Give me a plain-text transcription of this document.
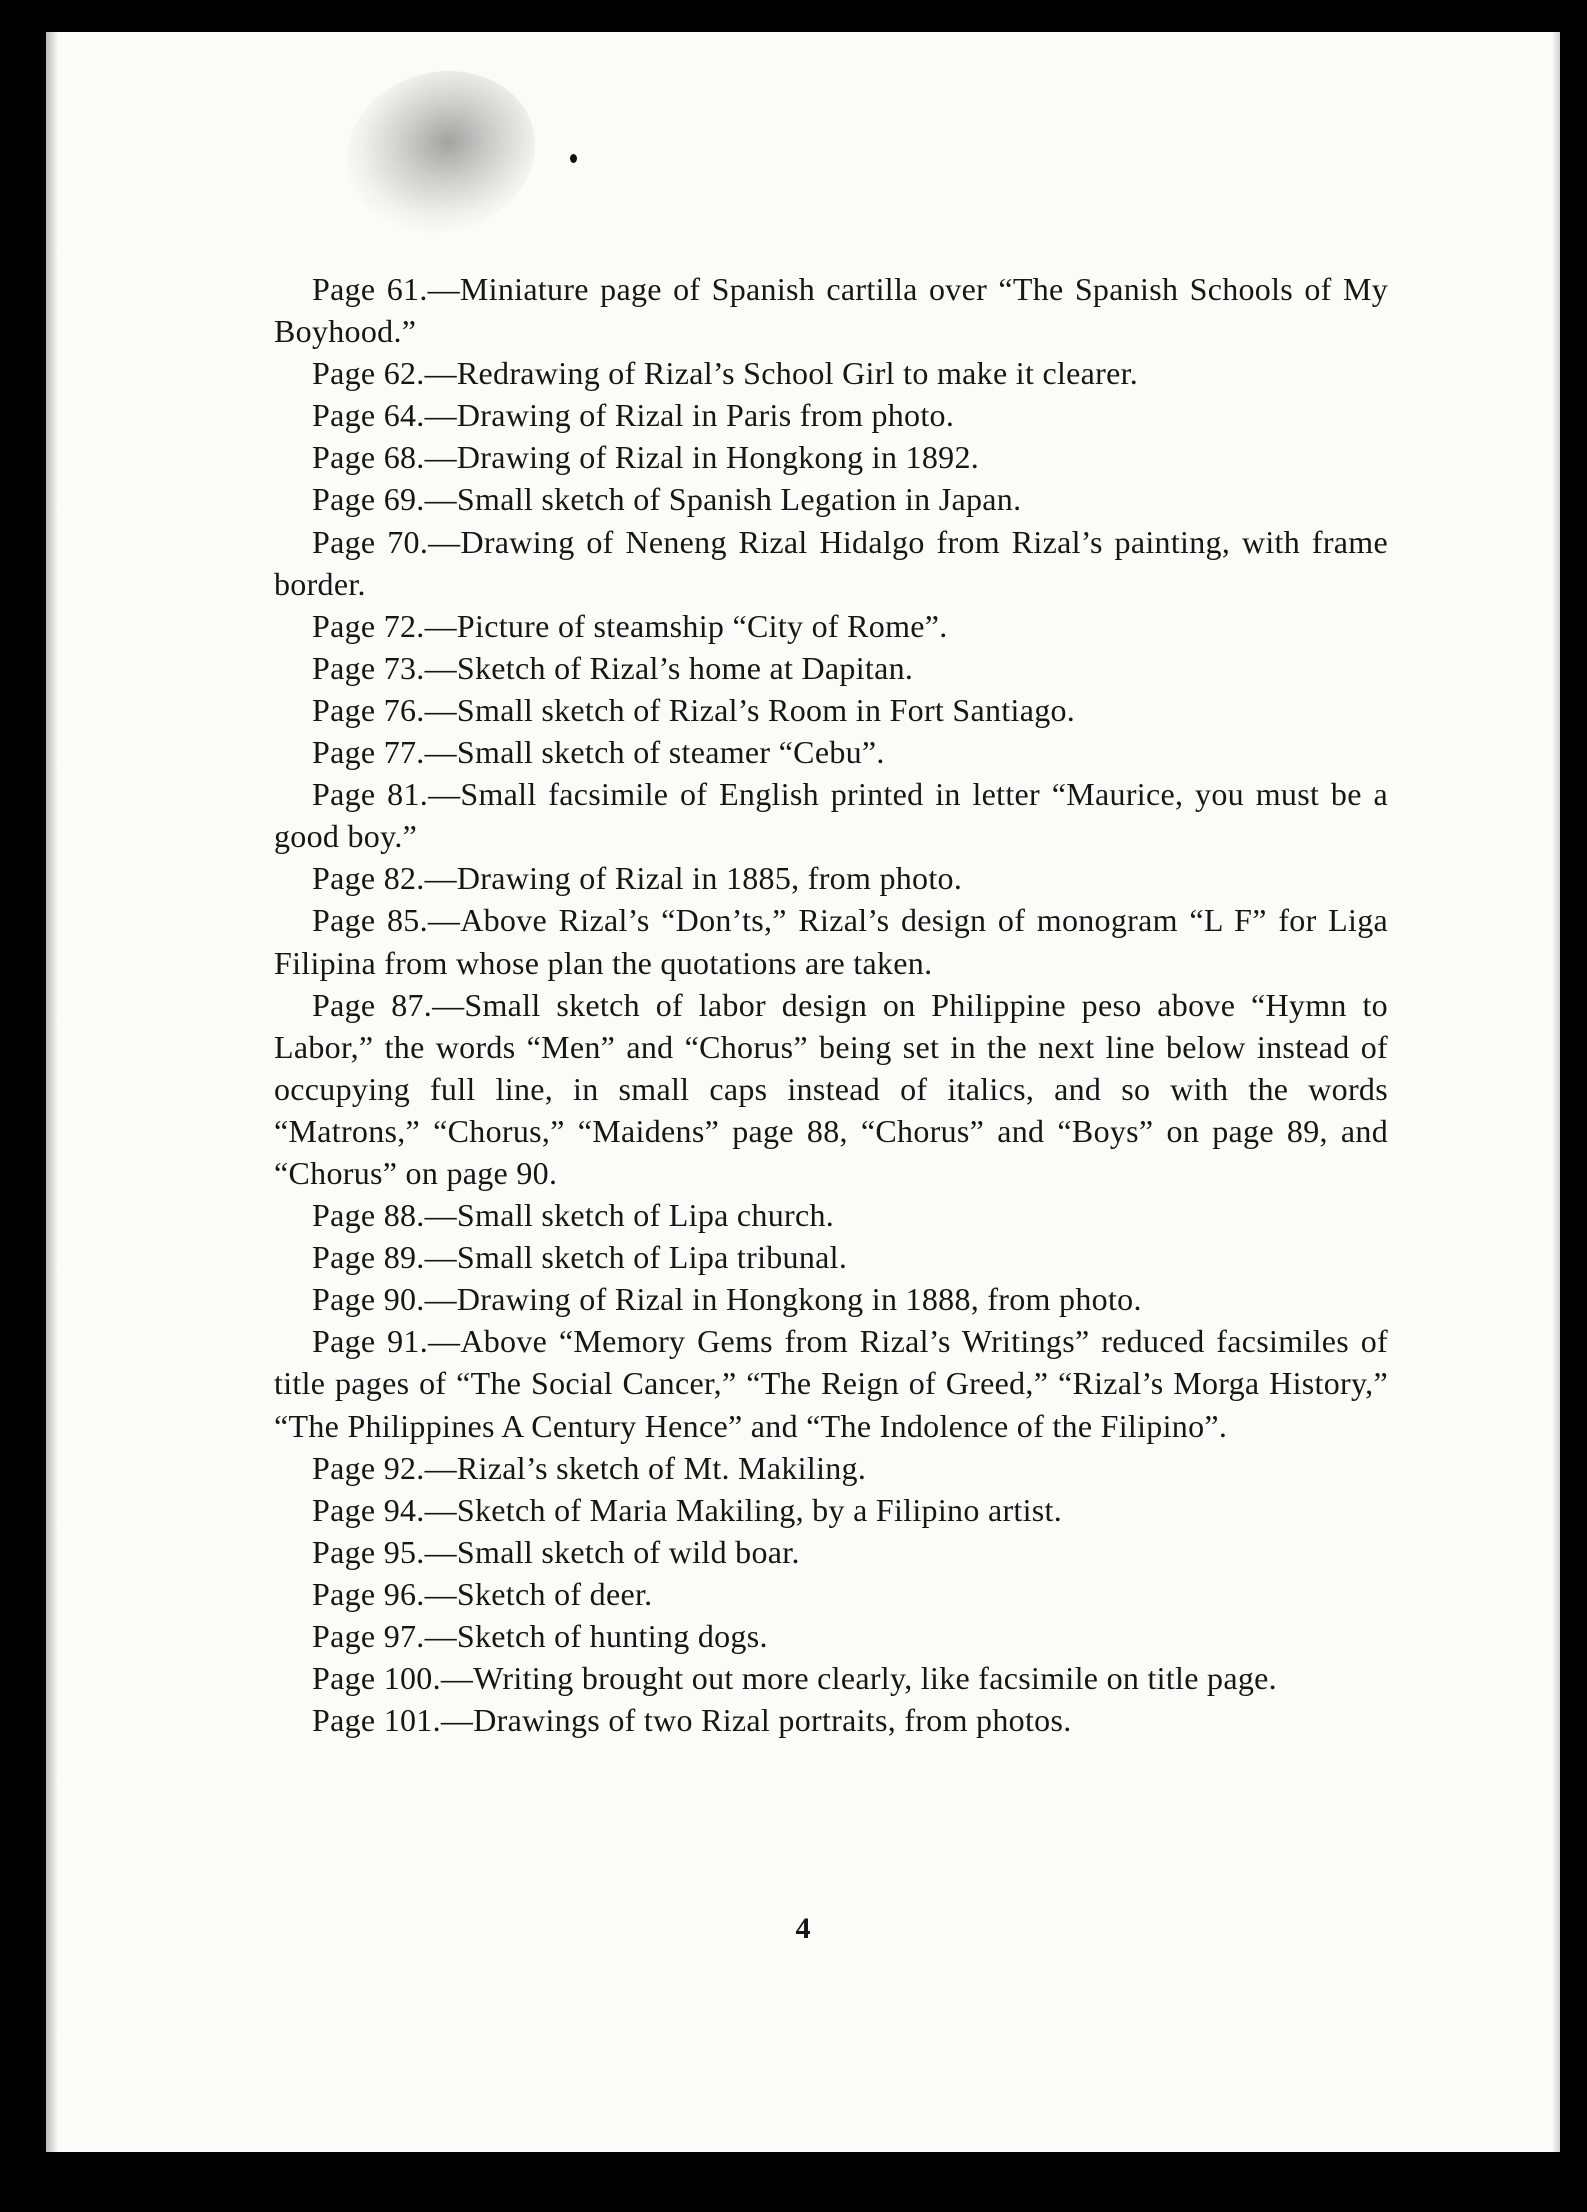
Page 61.—Miniature page of Spanish cartilla over “The Spanish Schools of My Boyhood.”
Page 62.—Redrawing of Rizal’s School Girl to make it clearer.
Page 64.—Drawing of Rizal in Paris from photo.
Page 68.—Drawing of Rizal in Hongkong in 1892.
Page 69.—Small sketch of Spanish Legation in Japan.
Page 70.—Drawing of Neneng Rizal Hidalgo from Rizal’s painting, with frame border.
Page 72.—Picture of steamship “City of Rome”.
Page 73.—Sketch of Rizal’s home at Dapitan.
Page 76.—Small sketch of Rizal’s Room in Fort Santiago.
Page 77.—Small sketch of steamer “Cebu”.
Page 81.—Small facsimile of English printed in letter “Maurice, you must be a good boy.”
Page 82.—Drawing of Rizal in 1885, from photo.
Page 85.—Above Rizal’s “Don’ts,” Rizal’s design of monogram “L F” for Liga Filipina from whose plan the quotations are taken.
Page 87.—Small sketch of labor design on Philippine peso above “Hymn to Labor,” the words “Men” and “Chorus” being set in the next line below instead of occupying full line, in small caps instead of italics, and so with the words “Matrons,” “Chorus,” “Maidens” page 88, “Chorus” and “Boys” on page 89, and “Chorus” on page 90.
Page 88.—Small sketch of Lipa church.
Page 89.—Small sketch of Lipa tribunal.
Page 90.—Drawing of Rizal in Hongkong in 1888, from photo.
Page 91.—Above “Memory Gems from Rizal’s Writings” reduced facsimiles of title pages of “The Social Cancer,” “The Reign of Greed,” “Rizal’s Morga History,” “The Philippines A Century Hence” and “The Indolence of the Filipino”.
Page 92.—Rizal’s sketch of Mt. Makiling.
Page 94.—Sketch of Maria Makiling, by a Filipino artist.
Page 95.—Small sketch of wild boar.
Page 96.—Sketch of deer.
Page 97.—Sketch of hunting dogs.
Page 100.—Writing brought out more clearly, like facsimile on title page.
Page 101.—Drawings of two Rizal portraits, from photos.
4
